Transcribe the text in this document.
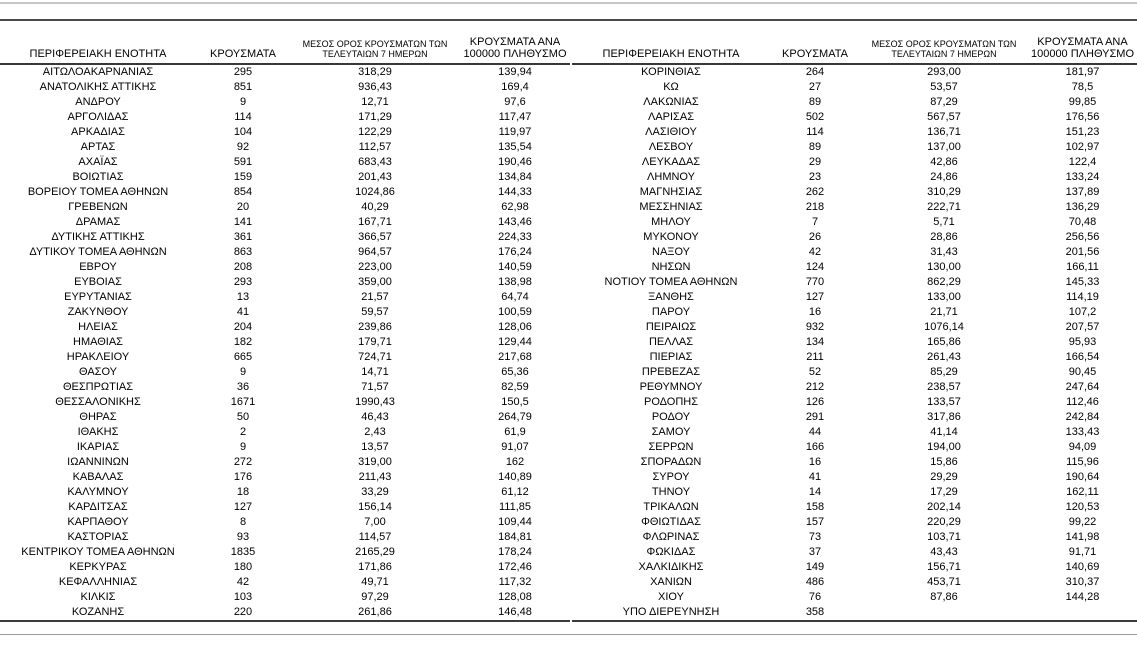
ΠΕΡΙΦΕΡΕΙΑΚΗ ΕΝΟΤΗΤΑ	ΚΡΟΥΣΜΑΤΑ	ΜΕΣΟΣ ΟΡΟΣ ΚΡΟΥΣΜΑΤΩΝ ΤΩΝ ΤΕΛΕΥΤΑΙΩΝ 7 ΗΜΕΡΩΝ	ΚΡΟΥΣΜΑΤΑ ΑΝΑ 100000 ΠΛΗΘΥΣΜΟ
ΑΙΤΩΛΟΑΚΑΡΝΑΝΙΑΣ	295	318,29	139,94
ΑΝΑΤΟΛΙΚΗΣ ΑΤΤΙΚΗΣ	851	936,43	169,4
ΑΝΔΡΟΥ	9	12,71	97,6
ΑΡΓΟΛΙΔΑΣ	114	171,29	117,47
ΑΡΚΑΔΙΑΣ	104	122,29	119,97
ΑΡΤΑΣ	92	112,57	135,54
ΑΧΑΪΑΣ	591	683,43	190,46
ΒΟΙΩΤΙΑΣ	159	201,43	134,84
ΒΟΡΕΙΟΥ ΤΟΜΕΑ ΑΘΗΝΩΝ	854	1024,86	144,33
ΓΡΕΒΕΝΩΝ	20	40,29	62,98
ΔΡΑΜΑΣ	141	167,71	143,46
ΔΥΤΙΚΗΣ ΑΤΤΙΚΗΣ	361	366,57	224,33
ΔΥΤΙΚΟΥ ΤΟΜΕΑ ΑΘΗΝΩΝ	863	964,57	176,24
ΕΒΡΟΥ	208	223,00	140,59
ΕΥΒΟΙΑΣ	293	359,00	138,98
ΕΥΡΥΤΑΝΙΑΣ	13	21,57	64,74
ΖΑΚΥΝΘΟΥ	41	59,57	100,59
ΗΛΕΙΑΣ	204	239,86	128,06
ΗΜΑΘΙΑΣ	182	179,71	129,44
ΗΡΑΚΛΕΙΟΥ	665	724,71	217,68
ΘΑΣΟΥ	9	14,71	65,36
ΘΕΣΠΡΩΤΙΑΣ	36	71,57	82,59
ΘΕΣΣΑΛΟΝΙΚΗΣ	1671	1990,43	150,5
ΘΗΡΑΣ	50	46,43	264,79
ΙΘΑΚΗΣ	2	2,43	61,9
ΙΚΑΡΙΑΣ	9	13,57	91,07
ΙΩΑΝΝΙΝΩΝ	272	319,00	162
ΚΑΒΑΛΑΣ	176	211,43	140,89
ΚΑΛΥΜΝΟΥ	18	33,29	61,12
ΚΑΡΔΙΤΣΑΣ	127	156,14	111,85
ΚΑΡΠΑΘΟΥ	8	7,00	109,44
ΚΑΣΤΟΡΙΑΣ	93	114,57	184,81
ΚΕΝΤΡΙΚΟΥ ΤΟΜΕΑ ΑΘΗΝΩΝ	1835	2165,29	178,24
ΚΕΡΚΥΡΑΣ	180	171,86	172,46
ΚΕΦΑΛΛΗΝΙΑΣ	42	49,71	117,32
ΚΙΛΚΙΣ	103	97,29	128,08
ΚΟΖΑΝΗΣ	220	261,86	146,48
ΠΕΡΙΦΕΡΕΙΑΚΗ ΕΝΟΤΗΤΑ	ΚΡΟΥΣΜΑΤΑ	ΜΕΣΟΣ ΟΡΟΣ ΚΡΟΥΣΜΑΤΩΝ ΤΩΝ ΤΕΛΕΥΤΑΙΩΝ 7 ΗΜΕΡΩΝ	ΚΡΟΥΣΜΑΤΑ ΑΝΑ 100000 ΠΛΗΘΥΣΜΟ
ΚΟΡΙΝΘΙΑΣ	264	293,00	181,97
ΚΩ	27	53,57	78,5
ΛΑΚΩΝΙΑΣ	89	87,29	99,85
ΛΑΡΙΣΑΣ	502	567,57	176,56
ΛΑΣΙΘΙΟΥ	114	136,71	151,23
ΛΕΣΒΟΥ	89	137,00	102,97
ΛΕΥΚΑΔΑΣ	29	42,86	122,4
ΛΗΜΝΟΥ	23	24,86	133,24
ΜΑΓΝΗΣΙΑΣ	262	310,29	137,89
ΜΕΣΣΗΝΙΑΣ	218	222,71	136,29
ΜΗΛΟΥ	7	5,71	70,48
ΜΥΚΟΝΟΥ	26	28,86	256,56
ΝΑΞΟΥ	42	31,43	201,56
ΝΗΣΩΝ	124	130,00	166,11
ΝΟΤΙΟΥ ΤΟΜΕΑ ΑΘΗΝΩΝ	770	862,29	145,33
ΞΑΝΘΗΣ	127	133,00	114,19
ΠΑΡΟΥ	16	21,71	107,2
ΠΕΙΡΑΙΩΣ	932	1076,14	207,57
ΠΕΛΛΑΣ	134	165,86	95,93
ΠΙΕΡΙΑΣ	211	261,43	166,54
ΠΡΕΒΕΖΑΣ	52	85,29	90,45
ΡΕΘΥΜΝΟΥ	212	238,57	247,64
ΡΟΔΟΠΗΣ	126	133,57	112,46
ΡΟΔΟΥ	291	317,86	242,84
ΣΑΜΟΥ	44	41,14	133,43
ΣΕΡΡΩΝ	166	194,00	94,09
ΣΠΟΡΑΔΩΝ	16	15,86	115,96
ΣΥΡΟΥ	41	29,29	190,64
ΤΗΝΟΥ	14	17,29	162,11
ΤΡΙΚΑΛΩΝ	158	202,14	120,53
ΦΘΙΩΤΙΔΑΣ	157	220,29	99,22
ΦΛΩΡΙΝΑΣ	73	103,71	141,98
ΦΩΚΙΔΑΣ	37	43,43	91,71
ΧΑΛΚΙΔΙΚΗΣ	149	156,71	140,69
ΧΑΝΙΩΝ	486	453,71	310,37
ΧΙΟΥ	76	87,86	144,28
ΥΠΟ ΔΙΕΡΕΥΝΗΣΗ	358		
